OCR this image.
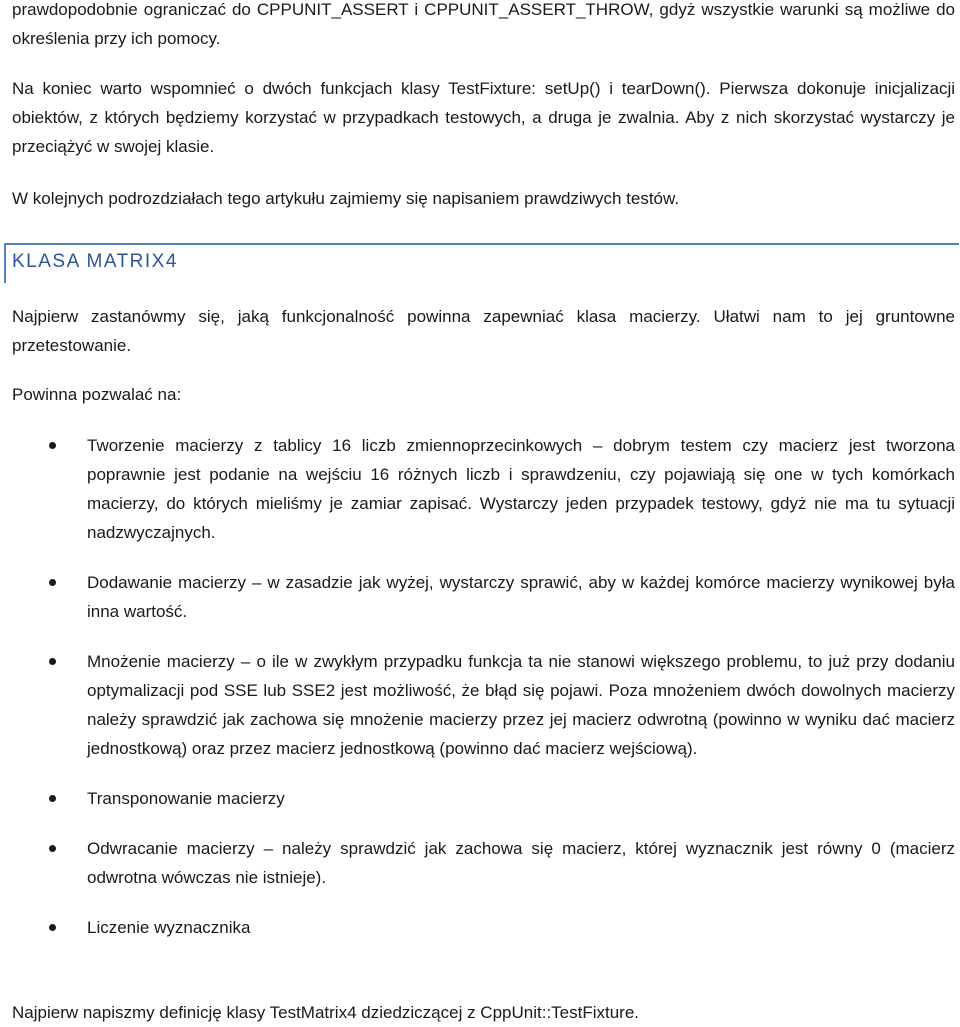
prawdopodobnie ograniczać do CPPUNIT_ASSERT i CPPUNIT_ASSERT_THROW, gdyż wszystkie warunki są możliwe do określenia przy ich pomocy.

Na koniec warto wspomnieć o dwóch funkcjach klasy TestFixture: setUp() i tearDown(). Pierwsza dokonuje inicjalizacji obiektów, z których będziemy korzystać w przypadkach testowych, a druga je zwalnia. Aby z nich skorzystać wystarczy je przeciążyć w swojej klasie.

W kolejnych podrozdziałach tego artykułu zajmiemy się napisaniem prawdziwych testów.

KLASA MATRIX4

Najpierw zastanówmy się, jaką funkcjonalność powinna zapewniać klasa macierzy. Ułatwi nam to jej gruntowne przetestowanie.

Powinna pozwalać na:

Tworzenie macierzy z tablicy 16 liczb zmiennoprzecinkowych – dobrym testem czy macierz jest tworzona poprawnie jest podanie na wejściu 16 różnych liczb i sprawdzeniu, czy pojawiają się one w tych komórkach macierzy, do których mieliśmy je zamiar zapisać. Wystarczy jeden przypadek testowy, gdyż nie ma tu sytuacji nadzwyczajnych.
Dodawanie macierzy – w zasadzie jak wyżej, wystarczy sprawić, aby w każdej komórce macierzy wynikowej była inna wartość.
Mnożenie macierzy – o ile w zwykłym przypadku funkcja ta nie stanowi większego problemu, to już przy dodaniu optymalizacji pod SSE lub SSE2 jest możliwość, że błąd się pojawi. Poza mnożeniem dwóch dowolnych macierzy należy sprawdzić jak zachowa się mnożenie macierzy przez jej macierz odwrotną (powinno w wyniku dać macierz jednostkową) oraz przez macierz jednostkową (powinno dać macierz wejściową).
Transponowanie macierzy
Odwracanie macierzy – należy sprawdzić jak zachowa się macierz, której wyznacznik jest równy 0 (macierz odwrotna wówczas nie istnieje).
Liczenie wyznacznika

Najpierw napiszmy definicję klasy TestMatrix4 dziedziczącej z CppUnit::TestFixture.
